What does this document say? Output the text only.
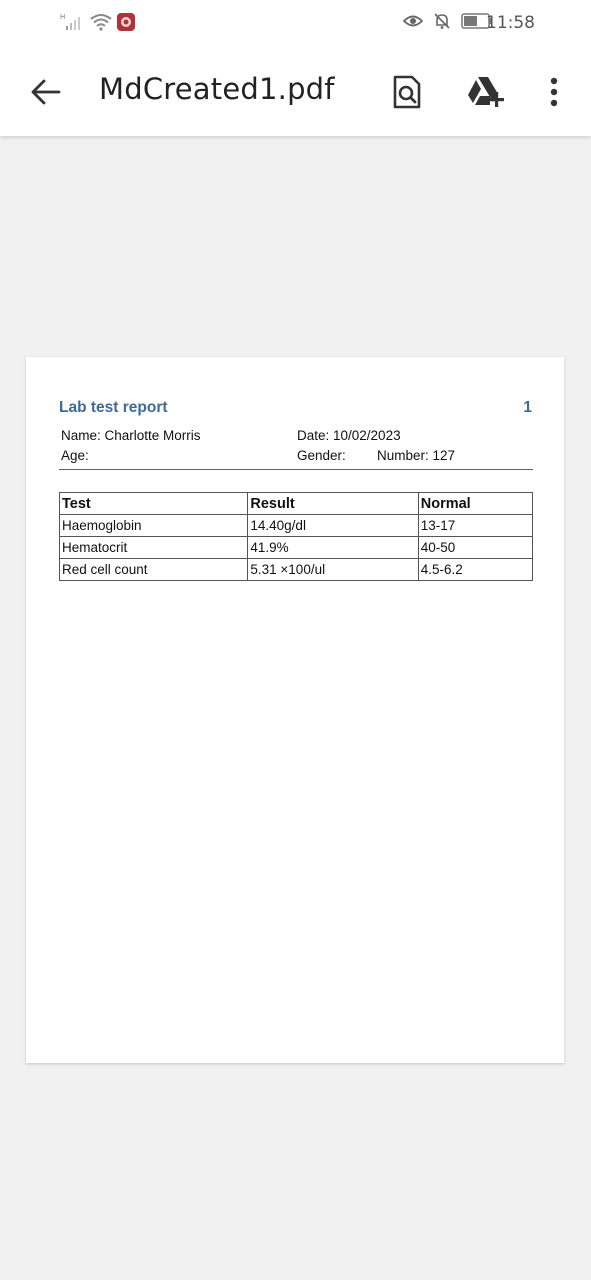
H	11:58
MdCreated1.pdf
Lab test report	1
Name: Charlotte Morris	Date: 10/02/2023
Age:	Gender: Number: 127
Test	Result	Normal
Haemoglobin	14.40g/dl	13-17
Hematocrit	41.9%	40-50
Red cell count	5.31 ×100/ul	4.5-6.2
